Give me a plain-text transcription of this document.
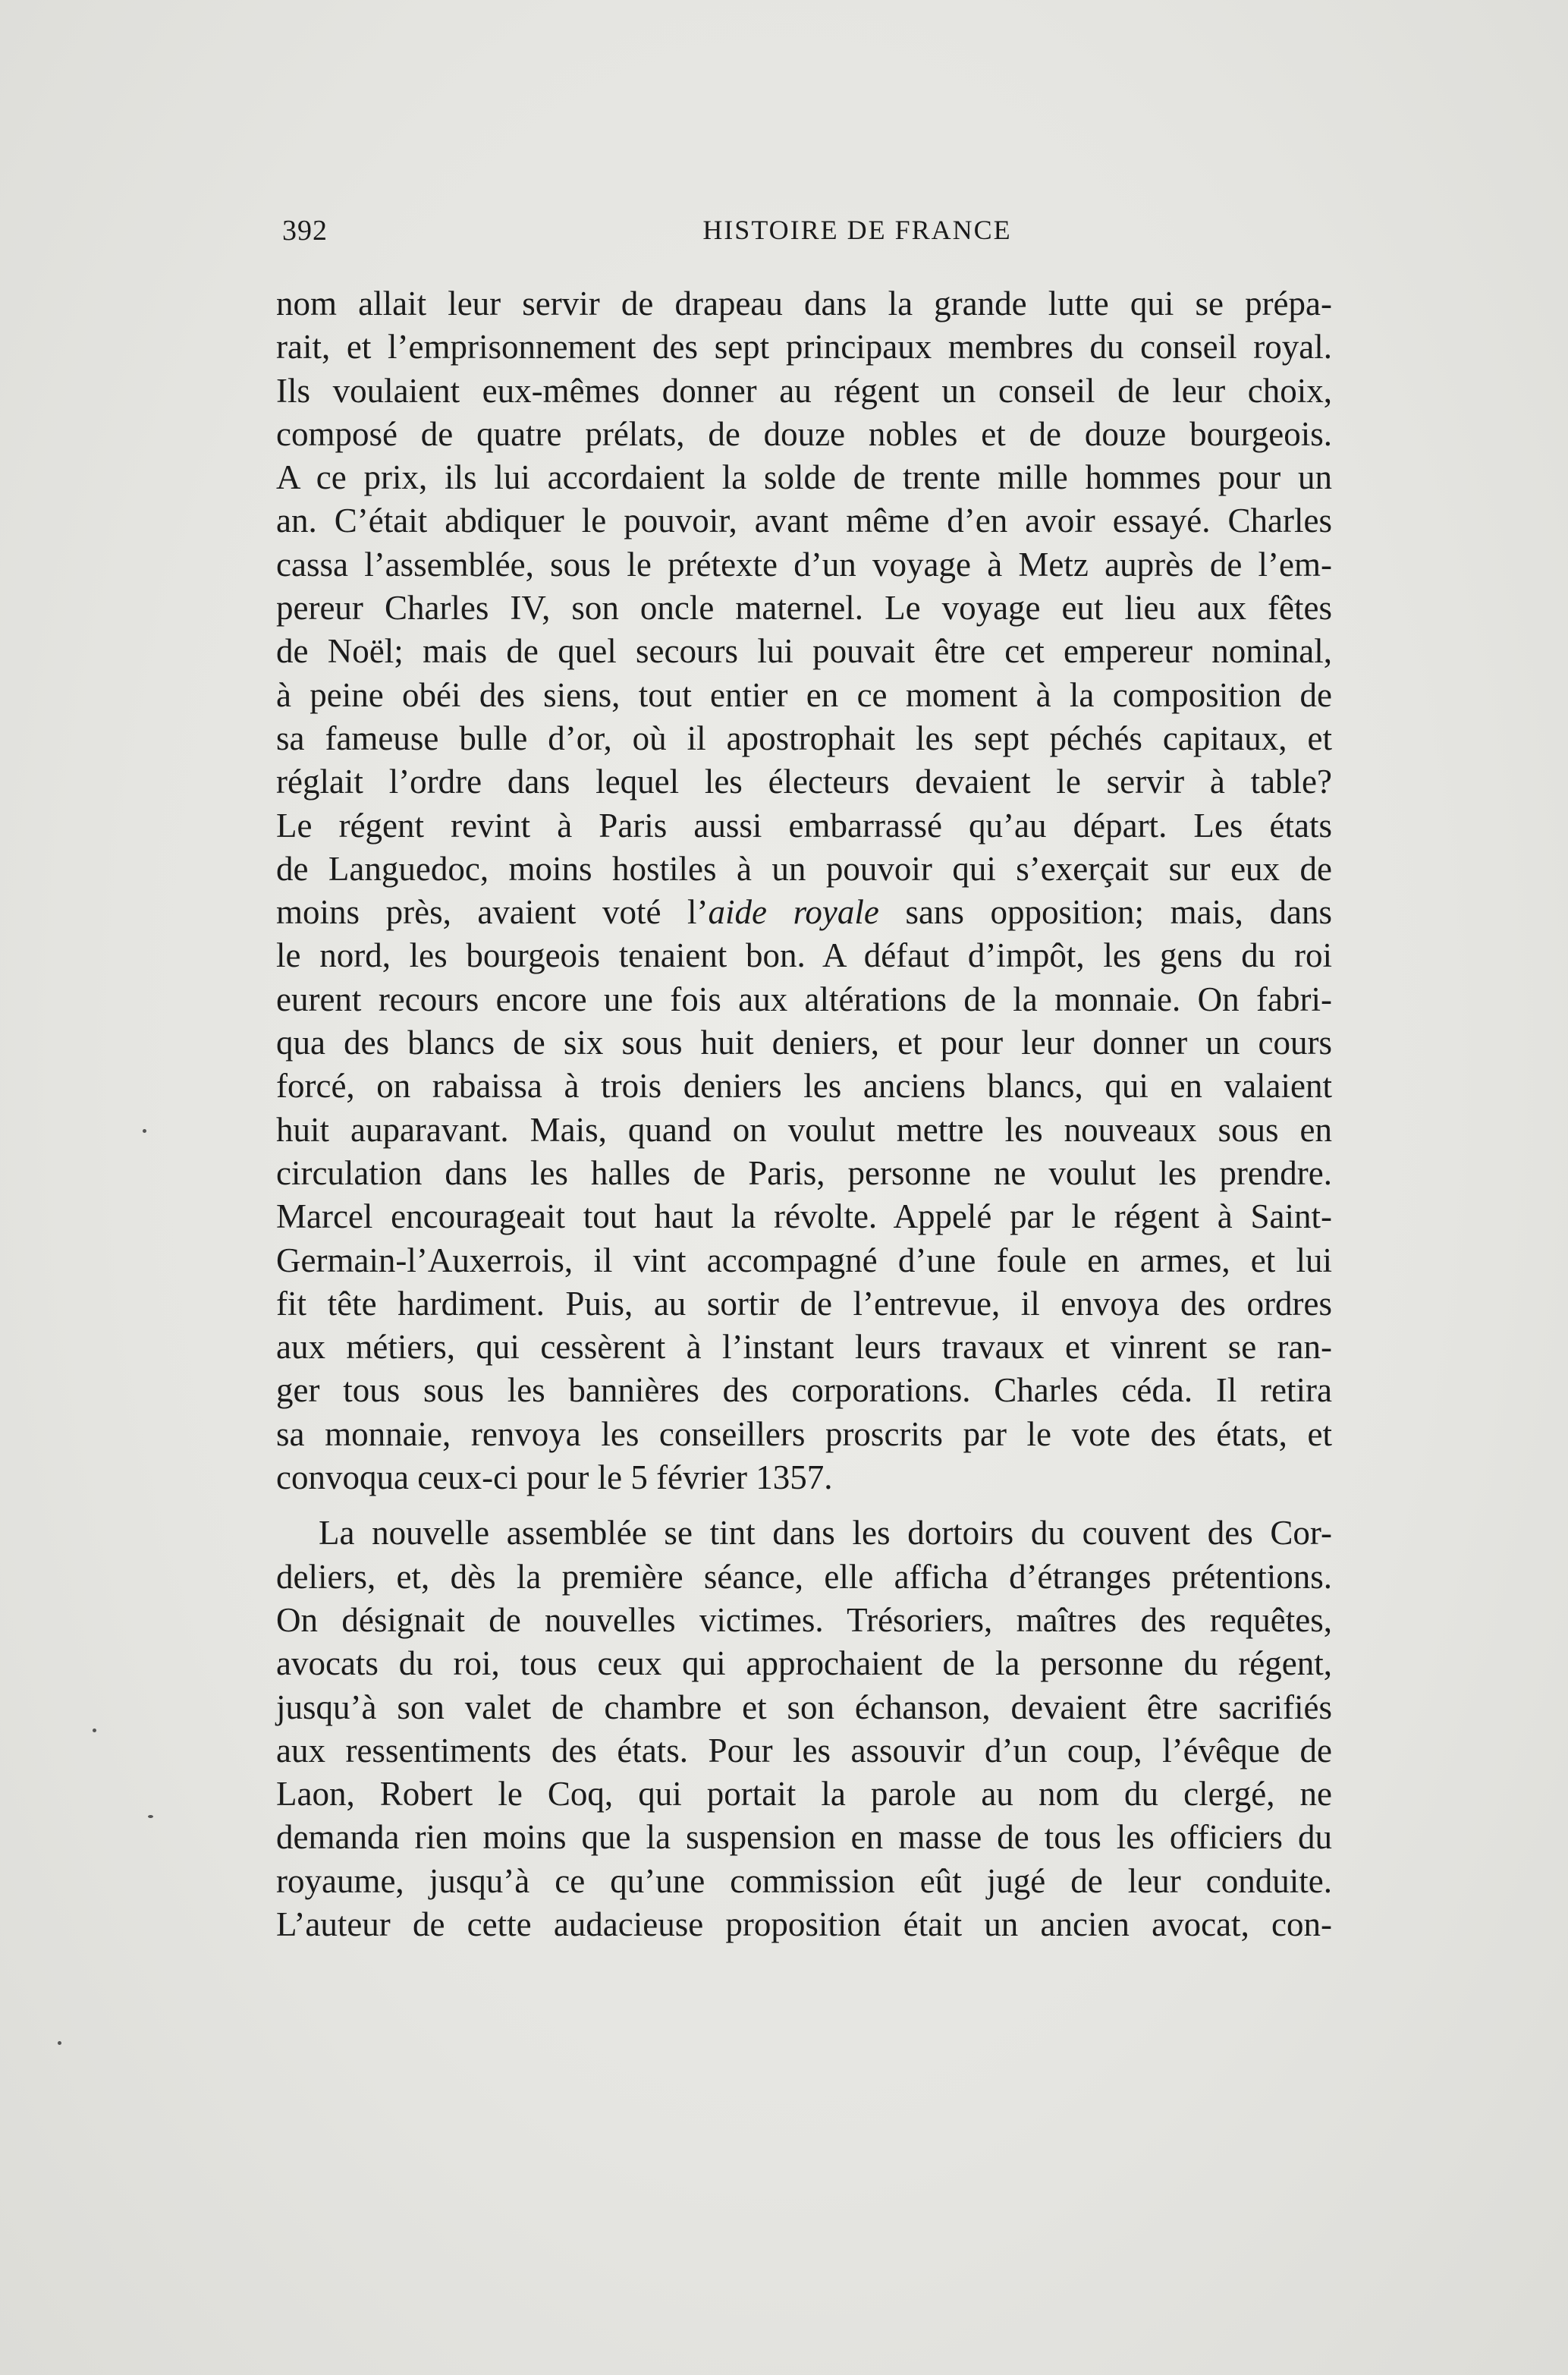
392	HISTOIRE DE FRANCE
nom allait leur servir de drapeau dans la grande lutte qui se prépa-
rait, et l’emprisonnement des sept principaux membres du conseil royal.
Ils voulaient eux-mêmes donner au régent un conseil de leur choix,
composé de quatre prélats, de douze nobles et de douze bourgeois.
A ce prix, ils lui accordaient la solde de trente mille hommes pour un
an. C’était abdiquer le pouvoir, avant même d’en avoir essayé. Charles
cassa l’assemblée, sous le prétexte d’un voyage à Metz auprès de l’em-
pereur Charles IV, son oncle maternel. Le voyage eut lieu aux fêtes
de Noël; mais de quel secours lui pouvait être cet empereur nominal,
à peine obéi des siens, tout entier en ce moment à la composition de
sa fameuse bulle d’or, où il apostrophait les sept péchés capitaux, et
réglait l’ordre dans lequel les électeurs devaient le servir à table?
Le régent revint à Paris aussi embarrassé qu’au départ. Les états
de Languedoc, moins hostiles à un pouvoir qui s’exerçait sur eux de
moins près, avaient voté l’aide royale sans opposition; mais, dans
le nord, les bourgeois tenaient bon. A défaut d’impôt, les gens du roi
eurent recours encore une fois aux altérations de la monnaie. On fabri-
qua des blancs de six sous huit deniers, et pour leur donner un cours
forcé, on rabaissa à trois deniers les anciens blancs, qui en valaient
huit auparavant. Mais, quand on voulut mettre les nouveaux sous en
circulation dans les halles de Paris, personne ne voulut les prendre.
Marcel encourageait tout haut la révolte. Appelé par le régent à Saint-
Germain-l’Auxerrois, il vint accompagné d’une foule en armes, et lui
fit tête hardiment. Puis, au sortir de l’entrevue, il envoya des ordres
aux métiers, qui cessèrent à l’instant leurs travaux et vinrent se ran-
ger tous sous les bannières des corporations. Charles céda. Il retira
sa monnaie, renvoya les conseillers proscrits par le vote des états, et
convoqua ceux-ci pour le 5 février 1357.
La nouvelle assemblée se tint dans les dortoirs du couvent des Cor-
deliers, et, dès la première séance, elle afficha d’étranges prétentions.
On désignait de nouvelles victimes. Trésoriers, maîtres des requêtes,
avocats du roi, tous ceux qui approchaient de la personne du régent,
jusqu’à son valet de chambre et son échanson, devaient être sacrifiés
aux ressentiments des états. Pour les assouvir d’un coup, l’évêque de
Laon, Robert le Coq, qui portait la parole au nom du clergé, ne
demanda rien moins que la suspension en masse de tous les officiers du
royaume, jusqu’à ce qu’une commission eût jugé de leur conduite.
L’auteur de cette audacieuse proposition était un ancien avocat, con-
